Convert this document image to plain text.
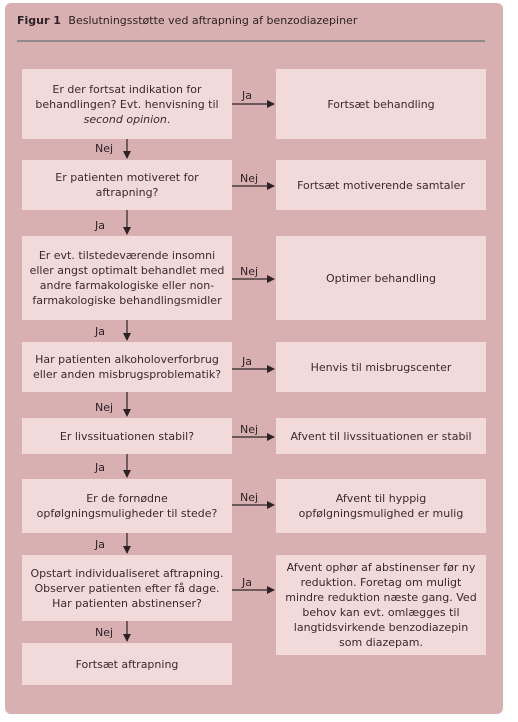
Figur 1 Beslutningsstøtte ved aftrapning af benzodiazepiner
Er der fortsat indikation for
behandlingen? Evt. henvisning til
second opinion.
Er patienten motiveret for
aftrapning?
Er evt. tilstedeværende insomni
eller angst optimalt behandlet med
andre farmakologiske eller non-
farmakologiske behandlingsmidler
Har patienten alkoholoverforbrug
eller anden misbrugsproblematik?
Er livssituationen stabil?
Er de fornødne
opfølgningsmuligheder til stede?
Opstart individualiseret aftrapning.
Observer patienten efter få dage.
Har patienten abstinenser?
Fortsæt aftrapning
Fortsæt behandling
Fortsæt motiverende samtaler
Optimer behandling
Henvis til misbrugscenter
Afvent til livssituationen er stabil
Afvent til hyppig
opfølgningsmulighed er mulig
Afvent ophør af abstinenser før ny
reduktion. Foretag om muligt
mindre reduktion næste gang. Ved
behov kan evt. omlægges til
langtidsvirkende benzodiazepin
som diazepam.
Ja
Nej
Nej
Ja
Nej
Nej
Ja
Nej
Ja
Ja
Nej
Ja
Ja
Nej
